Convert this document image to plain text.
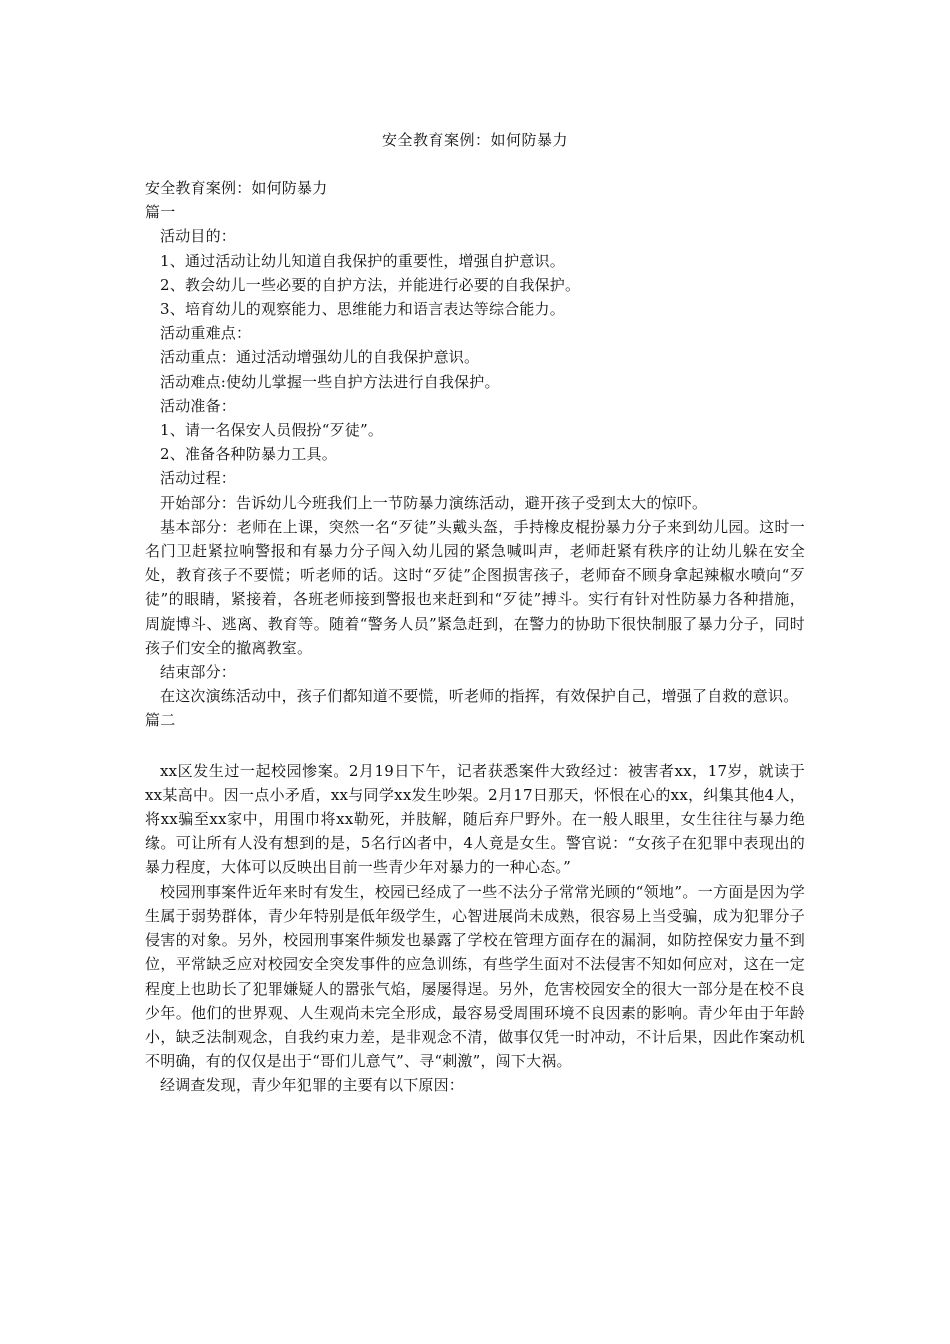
安全教育案例：如何防暴力

安全教育案例：如何防暴力

篇一

活动目的：

1、通过活动让幼儿知道自我保护的重要性，增强自护意识。

2、教会幼儿一些必要的自护方法，并能进行必要的自我保护。

3、培育幼儿的观察能力、思维能力和语言表达等综合能力。

活动重难点：

活动重点：通过活动增强幼儿的自我保护意识。

活动难点:使幼儿掌握一些自护方法进行自我保护。

活动准备：

1、请一名保安人员假扮“歹徒”。

2、准备各种防暴力工具。

活动过程：

开始部分：告诉幼儿今班我们上一节防暴力演练活动，避开孩子受到太大的惊吓。

基本部分：老师在上课，突然一名“歹徒”头戴头盔，手持橡皮棍扮暴力分子来到幼儿园。这时一名门卫赶紧拉响警报和有暴力分子闯入幼儿园的紧急喊叫声，老师赶紧有秩序的让幼儿躲在安全处，教育孩子不要慌；听老师的话。这时“歹徒”企图损害孩子，老师奋不顾身拿起辣椒水喷向“歹徒”的眼睛，紧接着，各班老师接到警报也来赶到和“歹徒”搏斗。实行有针对性防暴力各种措施，周旋博斗、逃离、教育等。随着“警务人员”紧急赶到，在警力的协助下很快制服了暴力分子，同时孩子们安全的撤离教室。

结束部分：

在这次演练活动中，孩子们都知道不要慌，听老师的指挥，有效保护自己，增强了自救的意识。

篇二

xx区发生过一起校园惨案。2月19日下午，记者获悉案件大致经过：被害者xx，17岁，就读于xx某高中。因一点小矛盾，xx与同学xx发生吵架。2月17日那天，怀恨在心的xx，纠集其他4人，将xx骗至xx家中，用围巾将xx勒死，并肢解，随后弃尸野外。在一般人眼里，女生往往与暴力绝缘。可让所有人没有想到的是，5名行凶者中，4人竟是女生。警官说：“女孩子在犯罪中表现出的暴力程度，大体可以反映出目前一些青少年对暴力的一种心态。”

校园刑事案件近年来时有发生，校园已经成了一些不法分子常常光顾的“领地”。一方面是因为学生属于弱势群体，青少年特别是低年级学生，心智进展尚未成熟，很容易上当受骗，成为犯罪分子侵害的对象。另外，校园刑事案件频发也暴露了学校在管理方面存在的漏洞，如防控保安力量不到位，平常缺乏应对校园安全突发事件的应急训练，有些学生面对不法侵害不知如何应对，这在一定程度上也助长了犯罪嫌疑人的嚣张气焰，屡屡得逞。另外，危害校园安全的很大一部分是在校不良少年。他们的世界观、人生观尚未完全形成，最容易受周围环境不良因素的影响。青少年由于年龄小，缺乏法制观念，自我约束力差，是非观念不清，做事仅凭一时冲动，不计后果，因此作案动机不明确，有的仅仅是出于“哥们儿意气”、寻“刺激”，闯下大祸。

经调查发现，青少年犯罪的主要有以下原因：
